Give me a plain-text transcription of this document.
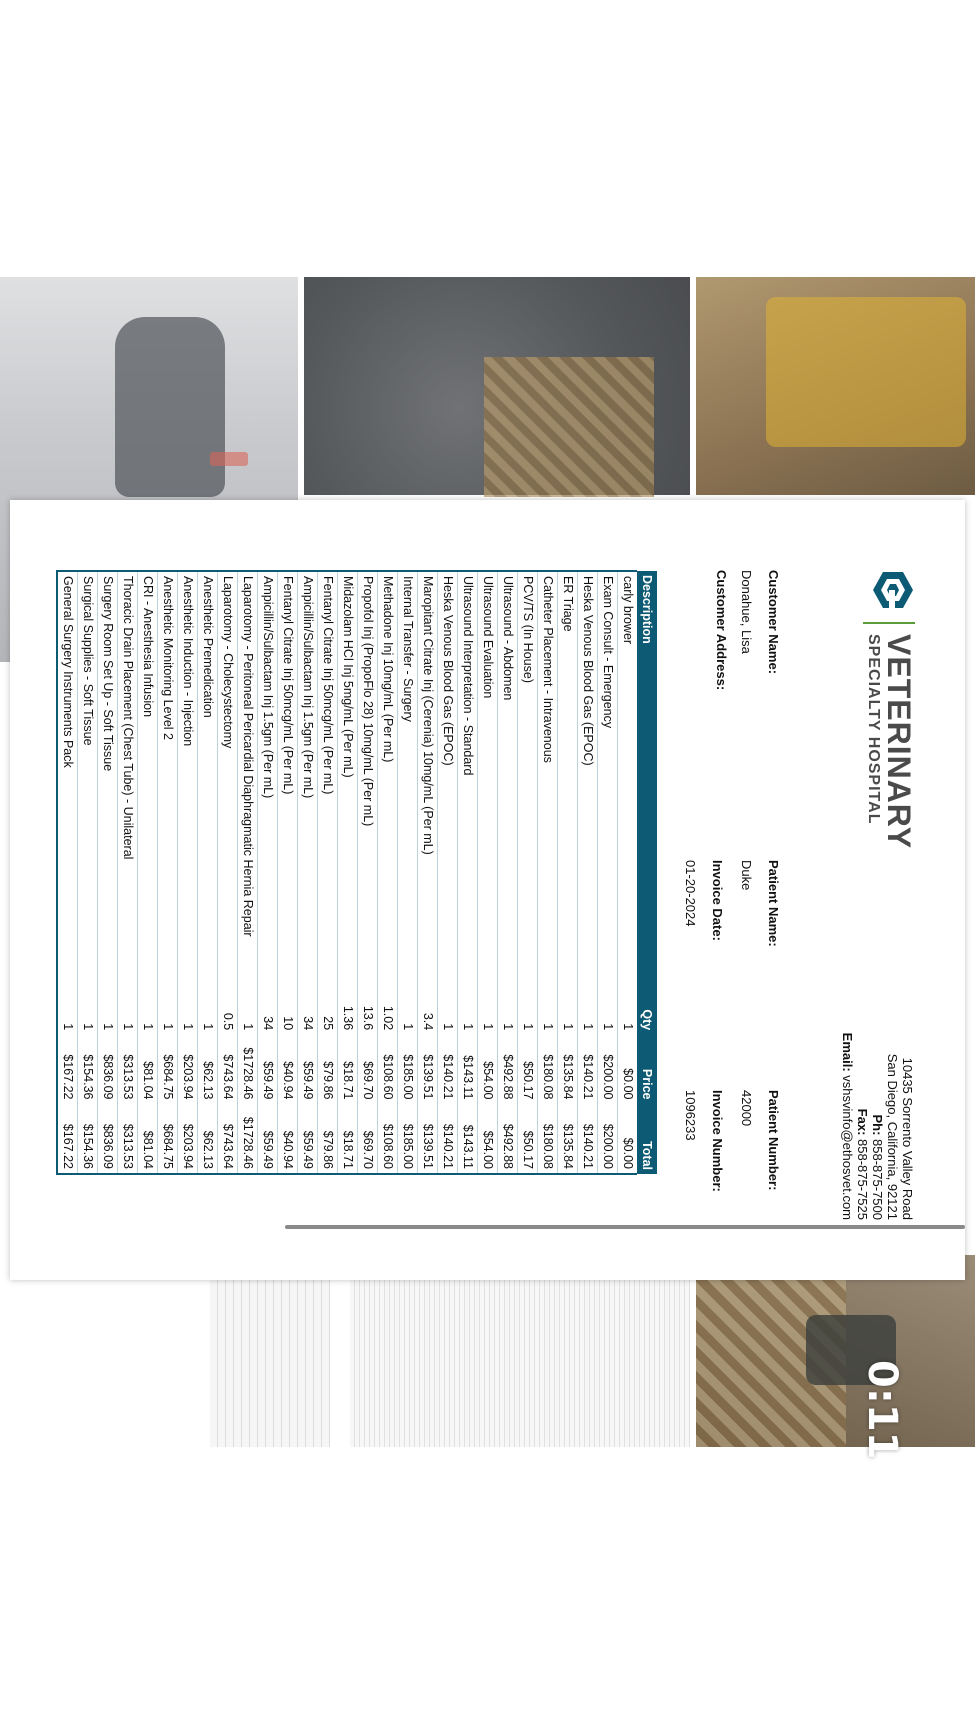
0:11
VETERINARY
SPECIALTY HOSPITAL
10435 Sorrento Valley Road
San Diego, California, 92121
Ph: 858-875-7500
Fax: 858-875-7525
Email: vshsvinfo@ethosvet.com
Customer Name:
Donahue, Lisa
Customer Address:
Patient Name:
Duke
Invoice Date:
01-20-2024
Patient Number:
42000
Invoice Number:
1096233
Description	Qty	Price	Total
carly brower	1	$0.00	$0.00
Exam Consult - Emergency	1	$200.00	$200.00
Heska Venous Blood Gas (EPOC)	1	$140.21	$140.21
ER Triage	1	$135.84	$135.84
Catheter Placement - Intravenous	1	$180.08	$180.08
PCV/TS (In House)	1	$50.17	$50.17
Ultrasound - Abdomen	1	$492.88	$492.88
Ultrasound Evaluation	1	$54.00	$54.00
Ultrasound Interpretation - Standard	1	$143.11	$143.11
Heska Venous Blood Gas (EPOC)	1	$140.21	$140.21
Maropitant Citrate Inj (Cerenia) 10mg/mL (Per mL)	3.4	$139.51	$139.51
Internal Transfer - Surgery	1	$185.00	$185.00
Methadone Inj 10mg/mL (Per mL)	1.02	$108.60	$108.60
Propofol Inj (PropoFlo 28) 10mg/mL (Per mL)	13.6	$69.70	$69.70
Midazolam HCl Inj 5mg/mL (Per mL)	1.36	$18.71	$18.71
Fentanyl Citrate Inj 50mcg/mL (Per mL)	25	$79.86	$79.86
Ampicillin/Sulbactam Inj 1.5gm (Per mL)	34	$59.49	$59.49
Fentanyl Citrate Inj 50mcg/mL (Per mL)	10	$40.94	$40.94
Ampicillin/Sulbactam Inj 1.5gm (Per mL)	34	$59.49	$59.49
Laparotomy - Peritoneal Pericardial Diaphragmatic Hernia Repair	1	$1728.46	$1728.46
Laparotomy - Cholecystectomy	0.5	$743.64	$743.64
Anesthetic Premedication	1	$62.13	$62.13
Anesthetic Induction - Injection	1	$203.94	$203.94
Anesthetic Monitoring Level 2	1	$684.75	$684.75
CRI - Anesthesia Infusion	1	$81.04	$81.04
Thoracic Drain Placement (Chest Tube) - Unilateral	1	$313.53	$313.53
Surgery Room Set Up - Soft Tissue	1	$836.09	$836.09
Surgical Supplies - Soft Tissue	1	$154.36	$154.36
General Surgery Instruments Pack	1	$167.22	$167.22
